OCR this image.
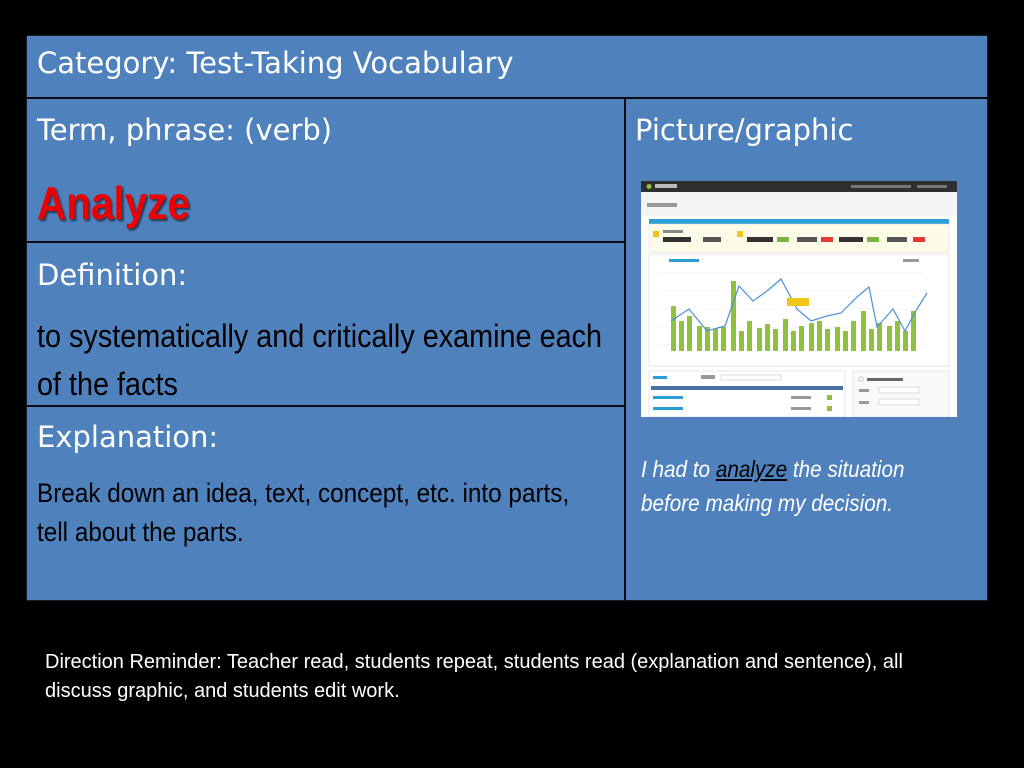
Category: Test-Taking Vocabulary
Term, phrase: (verb)
Analyze
Picture/graphic
Definition:
to systematically and critically examine each of the facts
Explanation:
Break down an idea, text, concept, etc. into parts, tell about the parts.
I had to analyze the situation before making my decision.
Direction Reminder: Teacher read, students repeat, students read (explanation and sentence), all discuss graphic, and students edit work.
